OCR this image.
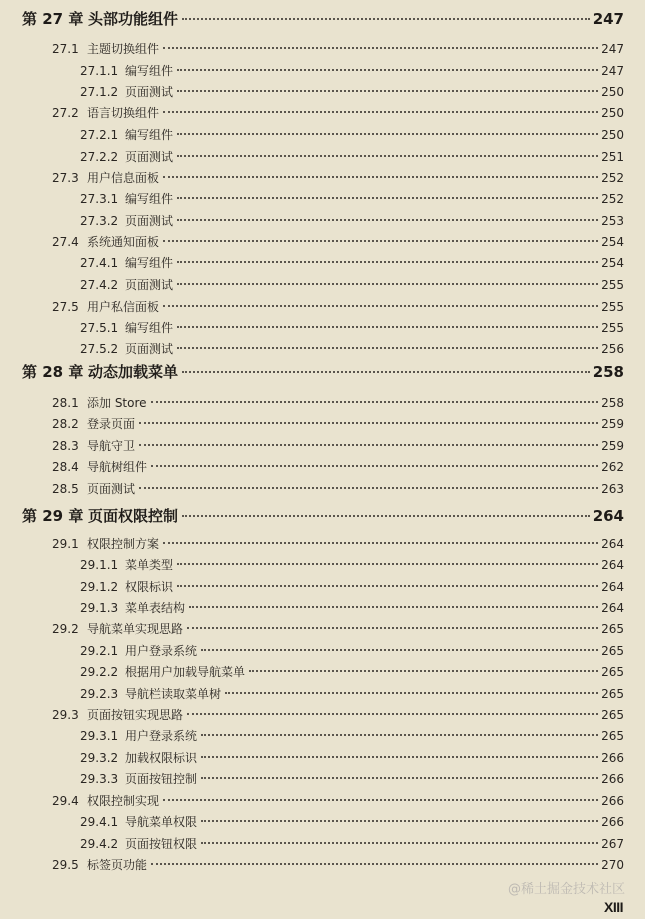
第 27 章 头部功能组件	247
27.1 主题切换组件	247
27.1.1 编写组件	247
27.1.2 页面测试	250
27.2 语言切换组件	250
27.2.1 编写组件	250
27.2.2 页面测试	251
27.3 用户信息面板	252
27.3.1 编写组件	252
27.3.2 页面测试	253
27.4 系统通知面板	254
27.4.1 编写组件	254
27.4.2 页面测试	255
27.5 用户私信面板	255
27.5.1 编写组件	255
27.5.2 页面测试	256
第 28 章 动态加载菜单	258
28.1 添加 Store	258
28.2 登录页面	259
28.3 导航守卫	259
28.4 导航树组件	262
28.5 页面测试	263
第 29 章 页面权限控制	264
29.1 权限控制方案	264
29.1.1 菜单类型	264
29.1.2 权限标识	264
29.1.3 菜单表结构	264
29.2 导航菜单实现思路	265
29.2.1 用户登录系统	265
29.2.2 根据用户加载导航菜单	265
29.2.3 导航栏读取菜单树	265
29.3 页面按钮实现思路	265
29.3.1 用户登录系统	265
29.3.2 加载权限标识	266
29.3.3 页面按钮控制	266
29.4 权限控制实现	266
29.4.1 导航菜单权限	266
29.4.2 页面按钮权限	267
29.5 标签页功能	270
@稀土掘金技术社区
XIII
